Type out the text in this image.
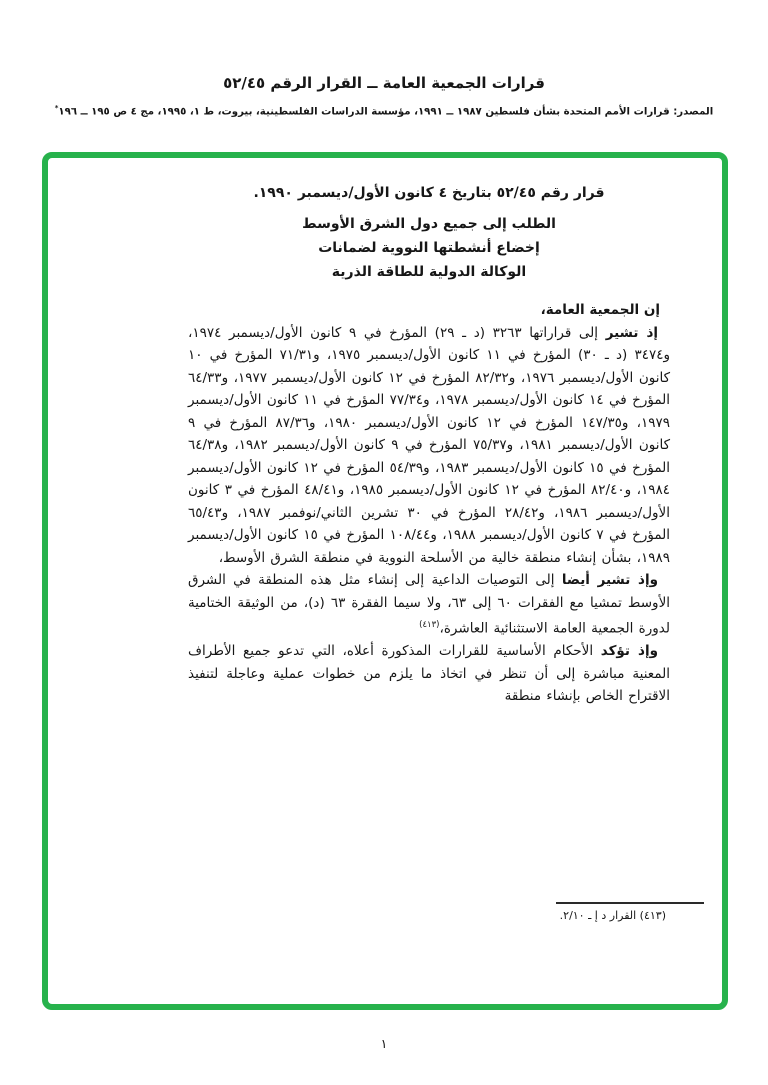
قرارات الجمعية العامة ــ القرار الرقم ٥٢/٤٥
المصدر: قرارات الأمم المتحدة بشأن فلسطين ١٩٨٧ ــ ١٩٩١، مؤسسة الدراسات الفلسطينية، بيروت، ط ١، ١٩٩٥، مج ٤ ص ١٩٥ ــ ١٩٦*

قرار رقم ٥٢/٤٥ بتاريخ ٤ كانون الأول/ديسمبر ١٩٩٠.

الطلب إلى جميع دول الشرق الأوسط
إخضاع أنشطتها النووية لضمانات
الوكالة الدولية للطاقة الذرية

إن الجمعية العامة،

إذ تشير إلى قراراتها ٣٢٦٣ (د ـ ٢٩) المؤرخ في ٩ كانون الأول/ديسمبر ١٩٧٤، و٣٤٧٤ (د ـ ٣٠) المؤرخ في ١١ كانون الأول/ديسمبر ١٩٧٥، و٧١/٣١ المؤرخ في ١٠ كانون الأول/ديسمبر ١٩٧٦، و٨٢/٣٢ المؤرخ في ١٢ كانون الأول/ديسمبر ١٩٧٧، و٦٤/٣٣ المؤرخ في ١٤ كانون الأول/ديسمبر ١٩٧٨، و٧٧/٣٤ المؤرخ في ١١ كانون الأول/ديسمبر ١٩٧٩، و١٤٧/٣٥ المؤرخ في ١٢ كانون الأول/ديسمبر ١٩٨٠، و٨٧/٣٦ المؤرخ في ٩ كانون الأول/ديسمبر ١٩٨١، و٧٥/٣٧ المؤرخ في ٩ كانون الأول/ديسمبر ١٩٨٢، و٦٤/٣٨ المؤرخ في ١٥ كانون الأول/ديسمبر ١٩٨٣، و٥٤/٣٩ المؤرخ في ١٢ كانون الأول/ديسمبر ١٩٨٤، و٨٢/٤٠ المؤرخ في ١٢ كانون الأول/ديسمبر ١٩٨٥، و٤٨/٤١ المؤرخ في ٣ كانون الأول/ديسمبر ١٩٨٦، و٢٨/٤٢ المؤرخ في ٣٠ تشرين الثاني/نوفمبر ١٩٨٧، و٦٥/٤٣ المؤرخ في ٧ كانون الأول/ديسمبر ١٩٨٨، و١٠٨/٤٤ المؤرخ في ١٥ كانون الأول/ديسمبر ١٩٨٩، بشأن إنشاء منطقة خالية من الأسلحة النووية في منطقة الشرق الأوسط،

وإذ تشير أيضا إلى التوصيات الداعية إلى إنشاء مثل هذه المنطقة في الشرق الأوسط تمشيا مع الفقرات ٦٠ إلى ٦٣، ولا سيما الفقرة ٦٣ (د)، من الوثيقة الختامية لدورة الجمعية العامة الاستثنائية العاشرة،$^{(٤١٣)}$

وإذ تؤكد الأحكام الأساسية للقرارات المذكورة أعلاه، التي تدعو جميع الأطراف المعنية مباشرة إلى أن تنظر في اتخاذ ما يلزم من خطوات عملية وعاجلة لتنفيذ الاقتراح الخاص بإنشاء منطقة

(٤١٣) القرار د إ ـ ٢/١٠.
١
